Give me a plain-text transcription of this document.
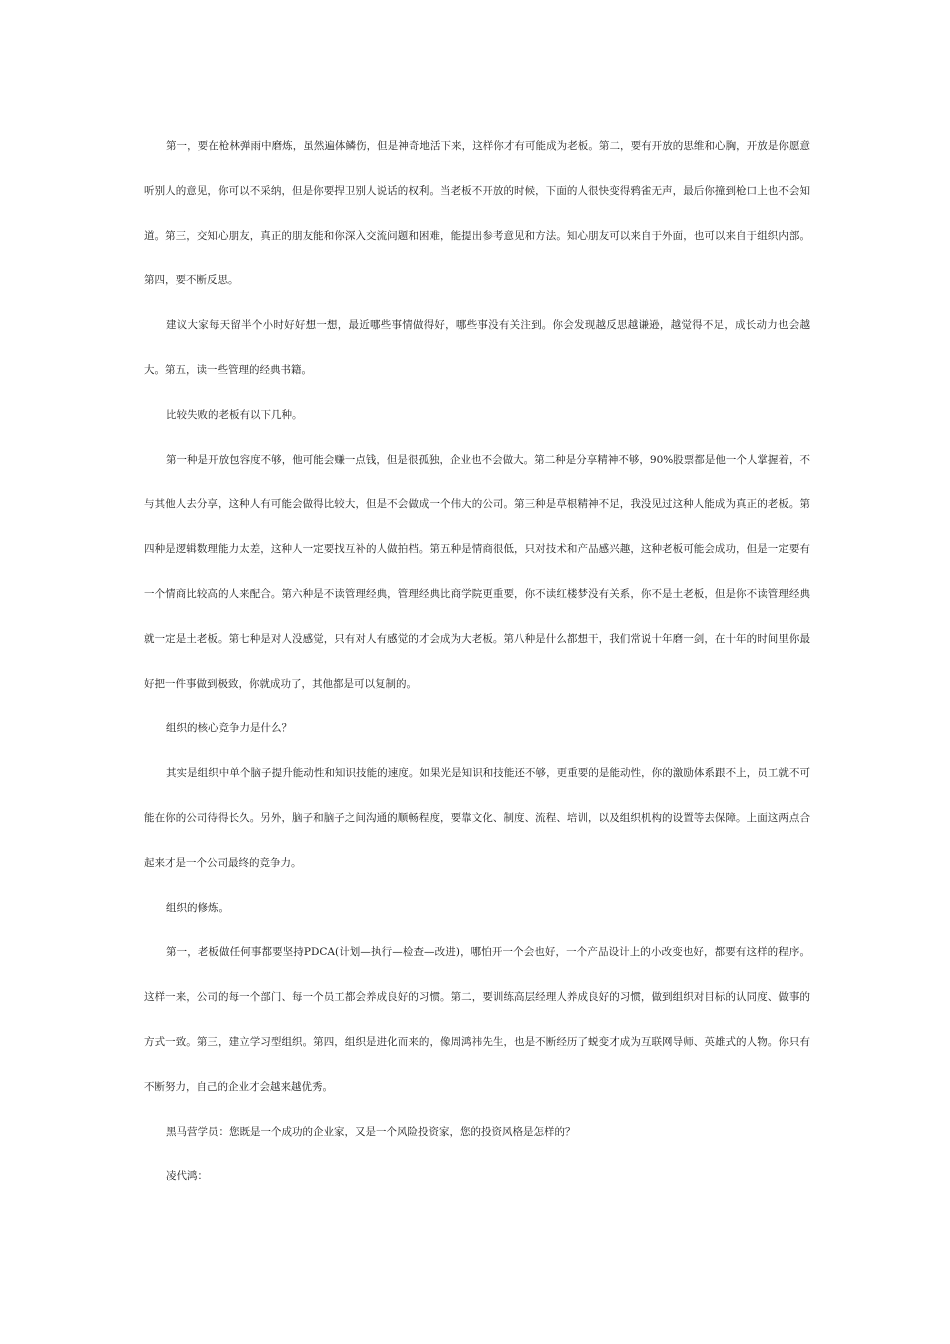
第一，要在枪林弹雨中磨炼，虽然遍体鳞伤，但是神奇地活下来，这样你才有可能成为老板。第二，要有开放的思维和心胸，开放是你愿意听别人的意见，你可以不采纳，但是你要捍卫别人说话的权利。当老板不开放的时候，下面的人很快变得鸦雀无声，最后你撞到枪口上也不会知道。第三，交知心朋友，真正的朋友能和你深入交流问题和困难，能提出参考意见和方法。知心朋友可以来自于外面，也可以来自于组织内部。第四，要不断反思。

建议大家每天留半个小时好好想一想，最近哪些事情做得好，哪些事没有关注到。你会发现越反思越谦逊，越觉得不足，成长动力也会越大。第五，读一些管理的经典书籍。

比较失败的老板有以下几种。

第一种是开放包容度不够，他可能会赚一点钱，但是很孤独，企业也不会做大。第二种是分享精神不够，90%股票都是他一个人掌握着，不与其他人去分享，这种人有可能会做得比较大，但是不会做成一个伟大的公司。第三种是草根精神不足，我没见过这种人能成为真正的老板。第四种是逻辑数理能力太差，这种人一定要找互补的人做拍档。第五种是情商很低，只对技术和产品感兴趣，这种老板可能会成功，但是一定要有一个情商比较高的人来配合。第六种是不读管理经典，管理经典比商学院更重要，你不读红楼梦没有关系，你不是土老板，但是你不读管理经典就一定是土老板。第七种是对人没感觉，只有对人有感觉的才会成为大老板。第八种是什么都想干，我们常说十年磨一剑，在十年的时间里你最好把一件事做到极致，你就成功了，其他都是可以复制的。

组织的核心竞争力是什么？

其实是组织中单个脑子提升能动性和知识技能的速度。如果光是知识和技能还不够，更重要的是能动性，你的激励体系跟不上，员工就不可能在你的公司待得长久。另外，脑子和脑子之间沟通的顺畅程度，要靠文化、制度、流程、培训，以及组织机构的设置等去保障。上面这两点合起来才是一个公司最终的竞争力。

组织的修炼。

第一，老板做任何事都要坚持PDCA(计划—执行—检查—改进)，哪怕开一个会也好，一个产品设计上的小改变也好，都要有这样的程序。这样一来，公司的每一个部门、每一个员工都会养成良好的习惯。第二，要训练高层经理人养成良好的习惯，做到组织对目标的认同度、做事的方式一致。第三，建立学习型组织。第四，组织是进化而来的，像周鸿祎先生，也是不断经历了蜕变才成为互联网导师、英雄式的人物。你只有不断努力，自己的企业才会越来越优秀。

黑马营学员：您既是一个成功的企业家，又是一个风险投资家，您的投资风格是怎样的？

凌代鸿：
